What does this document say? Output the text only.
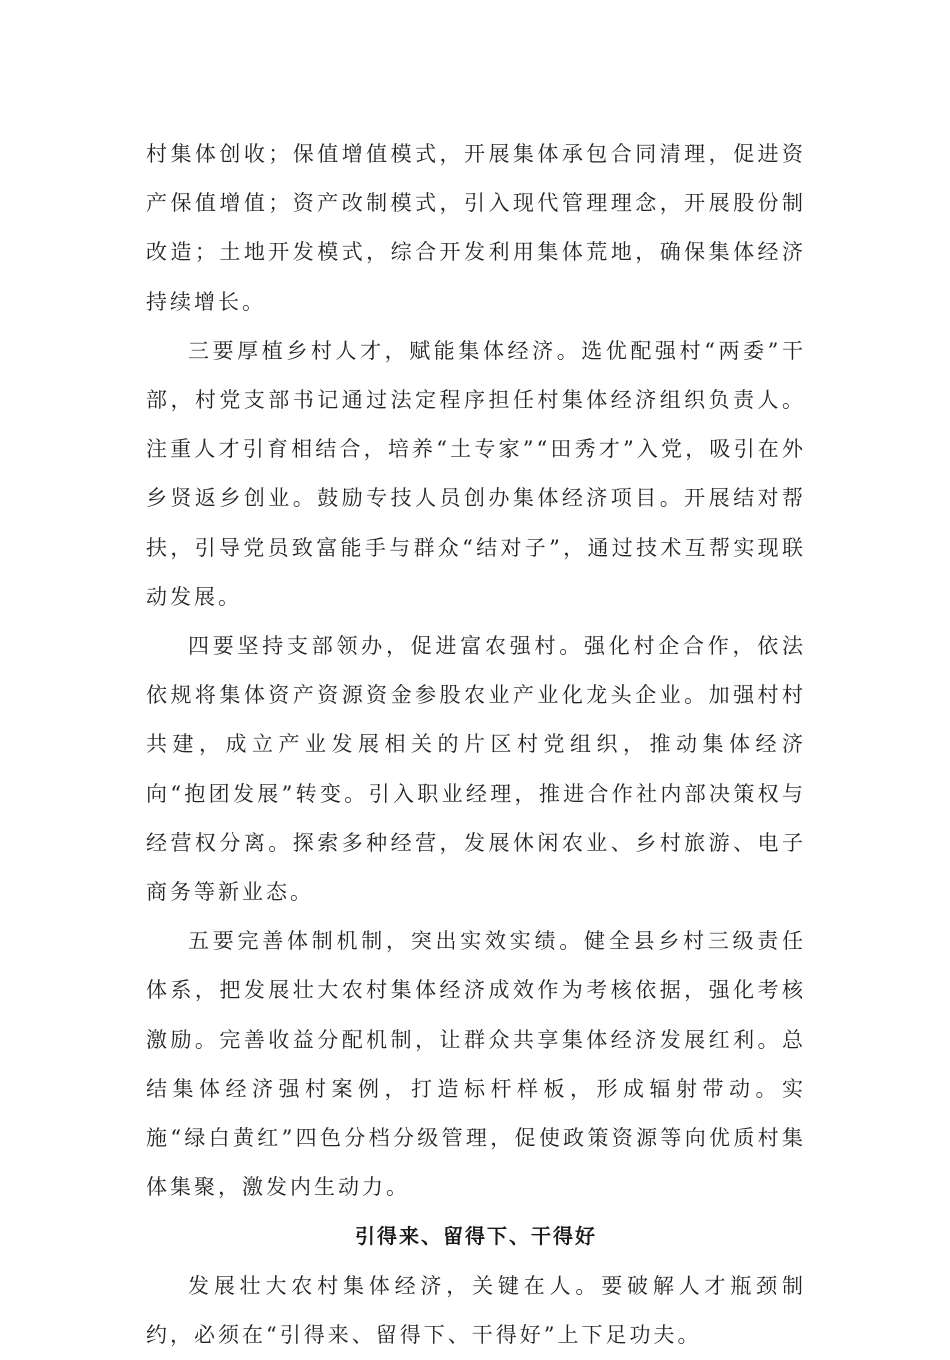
村集体创收；保值增值模式，开展集体承包合同清理，促进资产保值增值；资产改制模式，引入现代管理理念，开展股份制改造；土地开发模式，综合开发利用集体荒地，确保集体经济持续增长。

三要厚植乡村人才，赋能集体经济。选优配强村“两委”干部，村党支部书记通过法定程序担任村集体经济组织负责人。注重人才引育相结合，培养“土专家”“田秀才”入党，吸引在外乡贤返乡创业。鼓励专技人员创办集体经济项目。开展结对帮扶，引导党员致富能手与群众“结对子”，通过技术互帮实现联动发展。

四要坚持支部领办，促进富农强村。强化村企合作，依法依规将集体资产资源资金参股农业产业化龙头企业。加强村村共建，成立产业发展相关的片区村党组织，推动集体经济向“抱团发展”转变。引入职业经理，推进合作社内部决策权与经营权分离。探索多种经营，发展休闲农业、乡村旅游、电子商务等新业态。

五要完善体制机制，突出实效实绩。健全县乡村三级责任体系，把发展壮大农村集体经济成效作为考核依据，强化考核激励。完善收益分配机制，让群众共享集体经济发展红利。总结集体经济强村案例，打造标杆样板，形成辐射带动。实施“绿白黄红”四色分档分级管理，促使政策资源等向优质村集体集聚，激发内生动力。

引得来、留得下、干得好

发展壮大农村集体经济，关键在人。要破解人才瓶颈制约，必须在“引得来、留得下、干得好”上下足功夫。
